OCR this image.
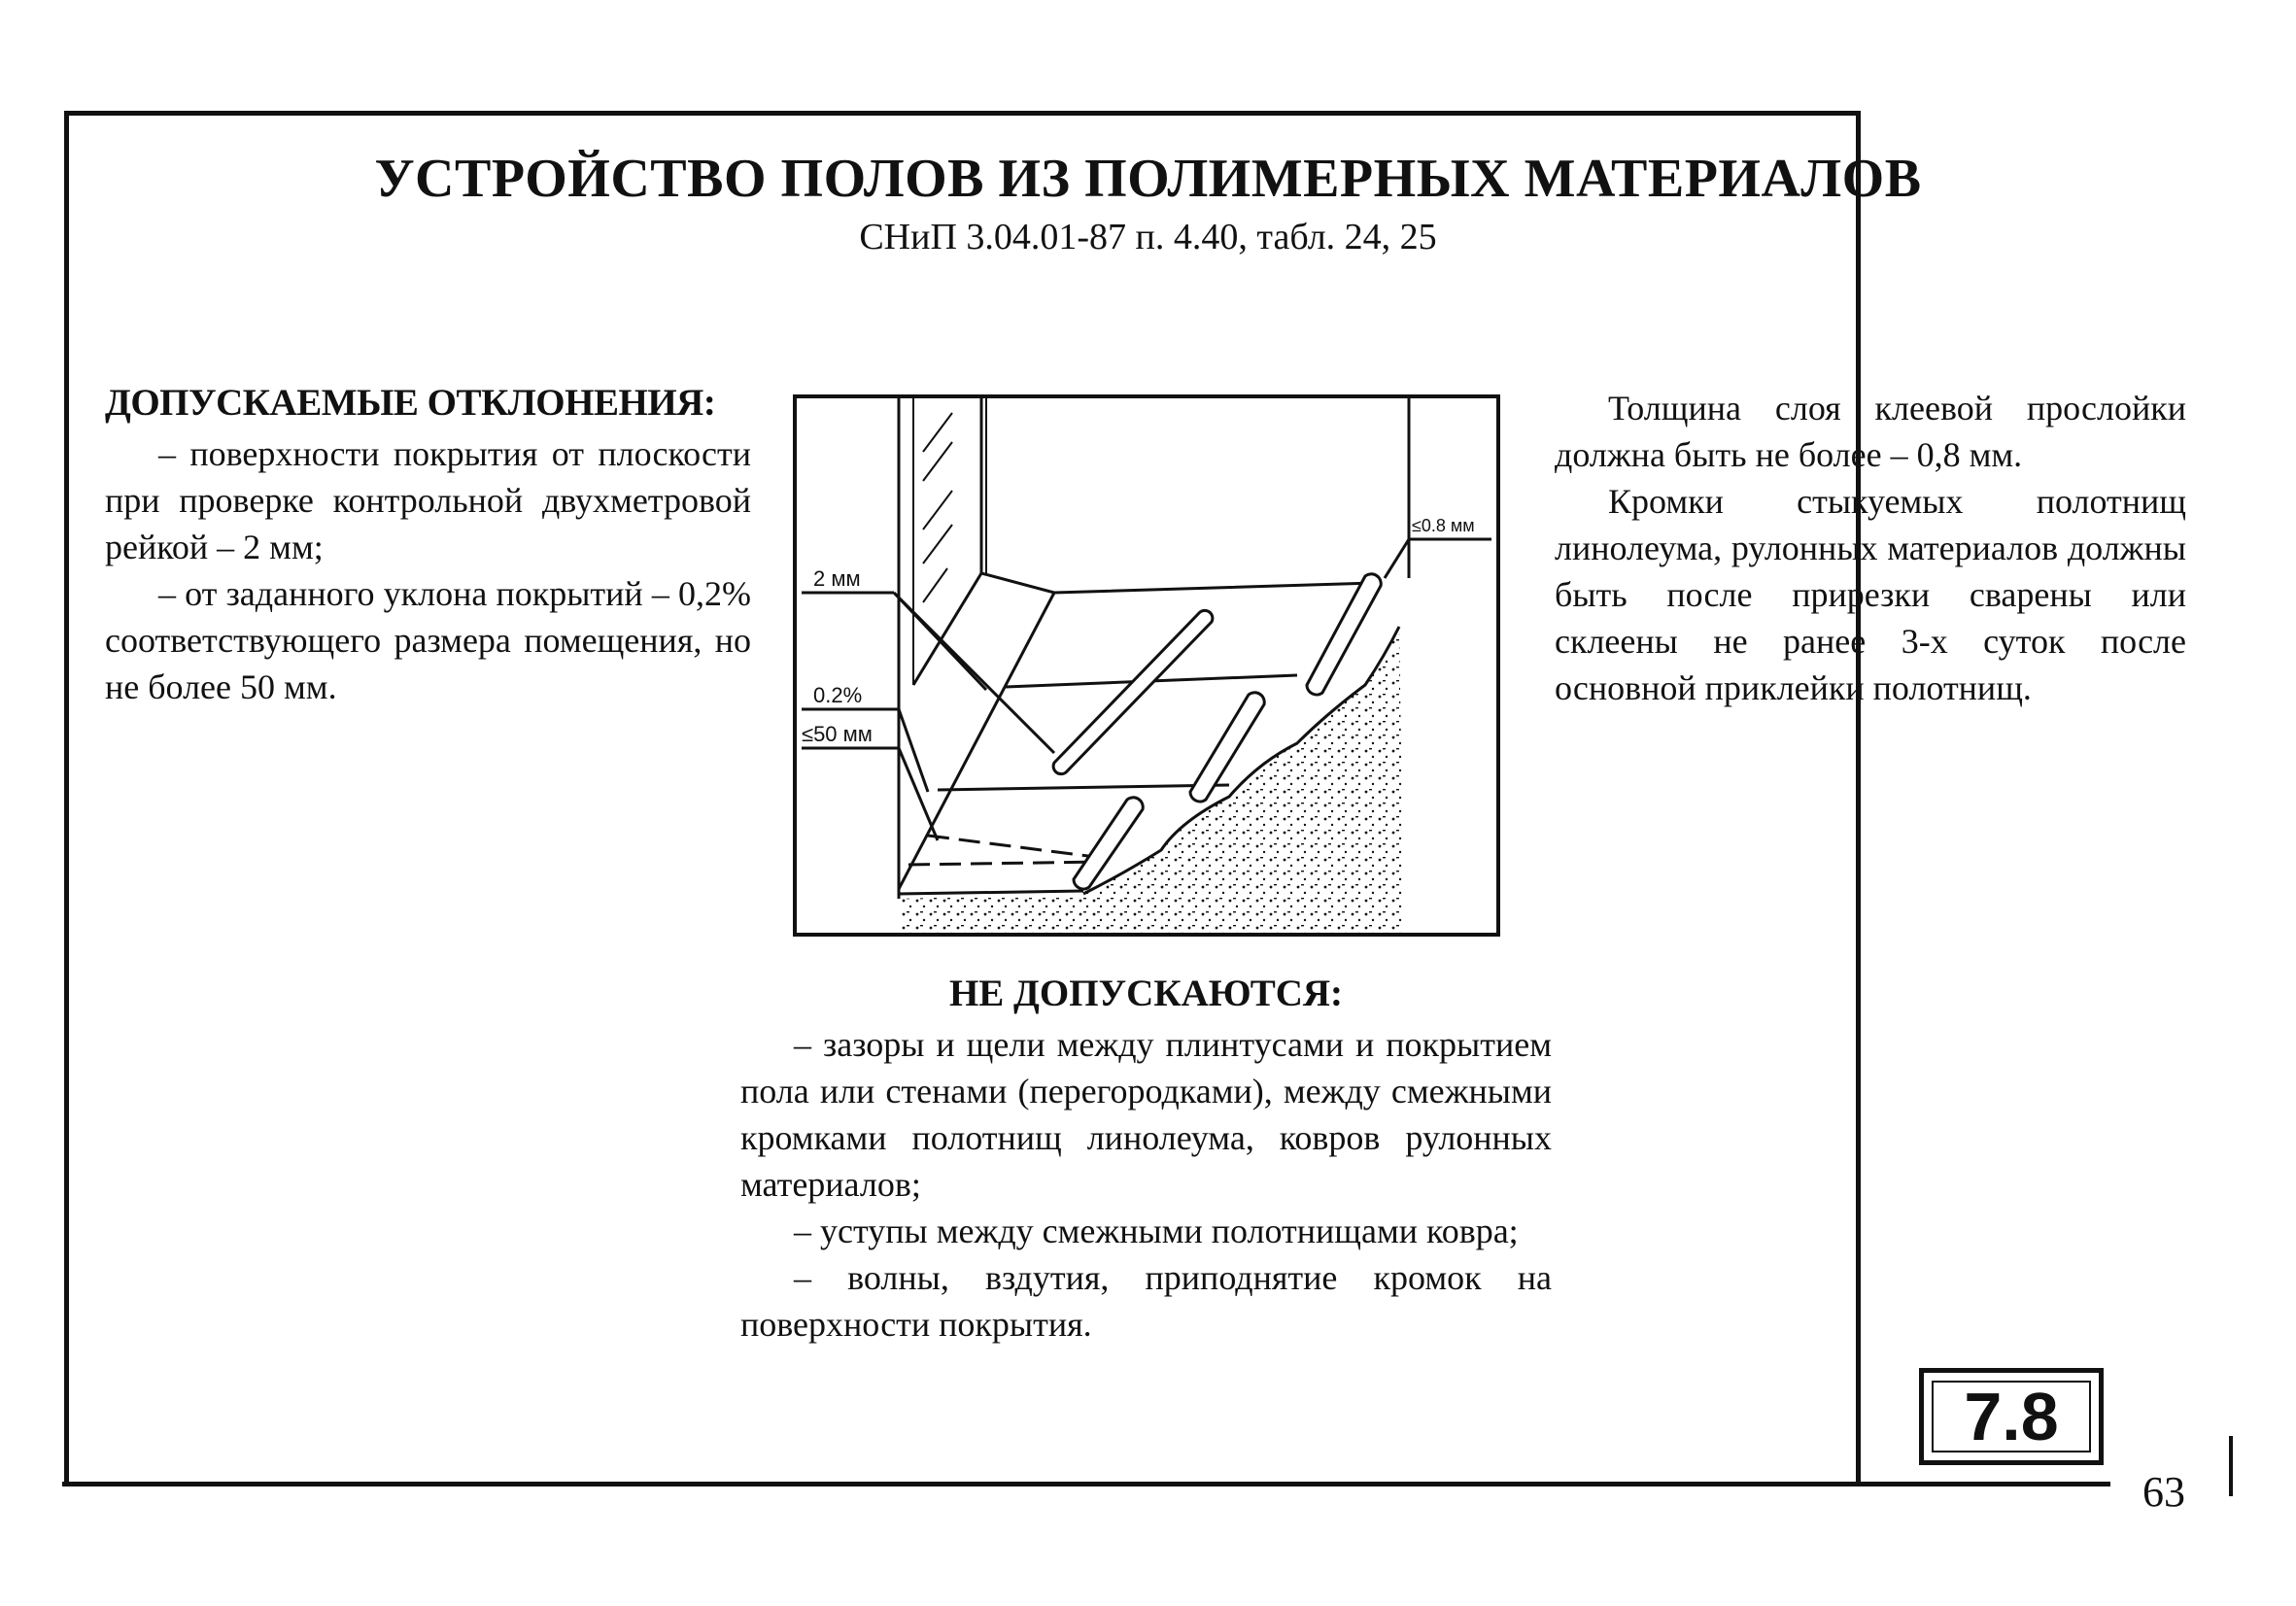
УСТРОЙСТВО ПОЛОВ ИЗ ПОЛИМЕРНЫХ МАТЕРИАЛОВ
СНиП 3.04.01-87 п. 4.40, табл. 24, 25
ДОПУСКАЕМЫЕ ОТКЛОНЕНИЯ:

– поверхности покрытия от плоскости при проверке контрольной двухметровой рейкой – 2 мм;

– от заданного уклона покрытий – 0,2% соответствующего размера помещения, но не более 50 мм.

2 мм
0.2%
≤50 мм
≤0.8 мм

Толщина слоя клеевой прослойки должна быть не более – 0,8 мм.

Кромки стыкуемых полотнищ линолеума, рулонных материалов должны быть после прирезки сварены или склеены не ранее 3-х суток после основной приклейки полотнищ.

НЕ ДОПУСКАЮТСЯ:

– зазоры и щели между плинтусами и покрытием пола или стенами (перегородками), между смежными кромками полотнищ линолеума, ковров рулонных материалов;

– уступы между смежными полотнищами ковра;

– волны, вздутия, приподнятие кромок на поверхности покрытия.

7.8
63
